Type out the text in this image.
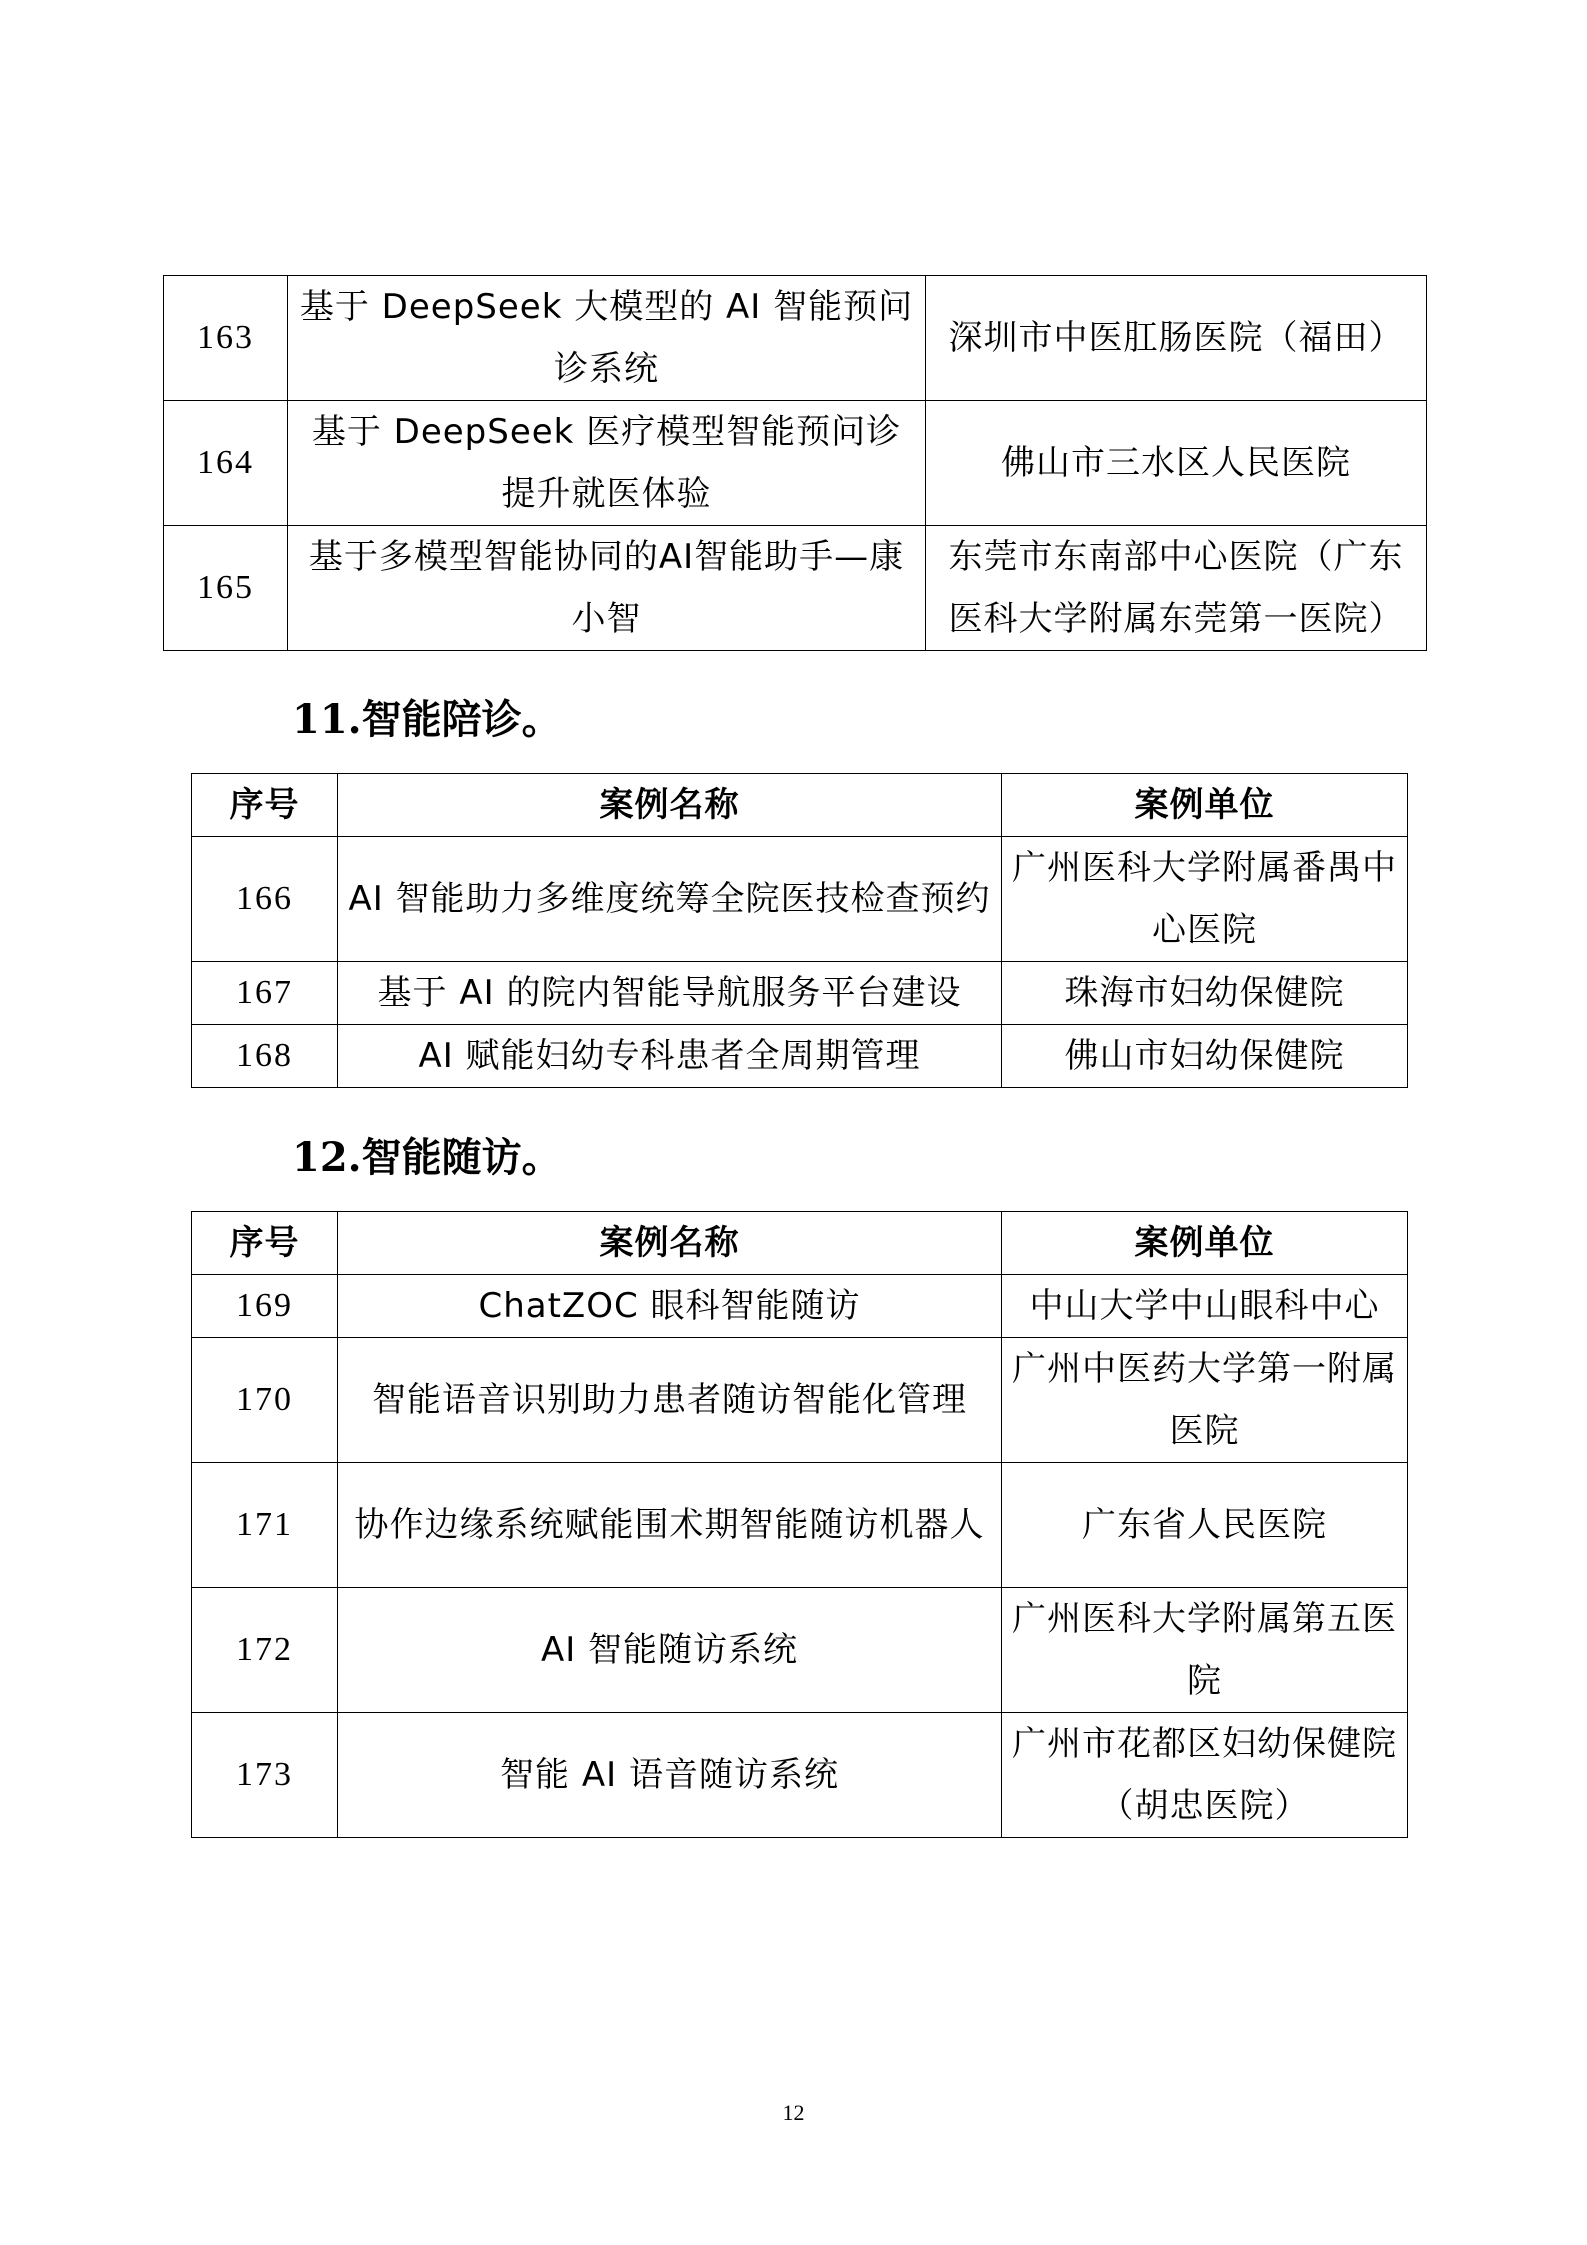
163	基于 DeepSeek 大模型的 AI 智能预问诊系统	深圳市中医肛肠医院（福田）
164	基于 DeepSeek 医疗模型智能预问诊提升就医体验	佛山市三水区人民医院
165	基于多模型智能协同的AI智能助手—康小智	东莞市东南部中心医院（广东医科大学附属东莞第一医院）
11.智能陪诊。
序号	案例名称	案例单位
166	AI 智能助力多维度统筹全院医技检查预约	广州医科大学附属番禺中心医院
167	基于 AI 的院内智能导航服务平台建设	珠海市妇幼保健院
168	AI 赋能妇幼专科患者全周期管理	佛山市妇幼保健院
12.智能随访。
序号	案例名称	案例单位
169	ChatZOC 眼科智能随访	中山大学中山眼科中心
170	智能语音识别助力患者随访智能化管理	广州中医药大学第一附属医院
171	协作边缘系统赋能围术期智能随访机器人	广东省人民医院
172	AI 智能随访系统	广州医科大学附属第五医院
173	智能 AI 语音随访系统	广州市花都区妇幼保健院（胡忠医院）
12
